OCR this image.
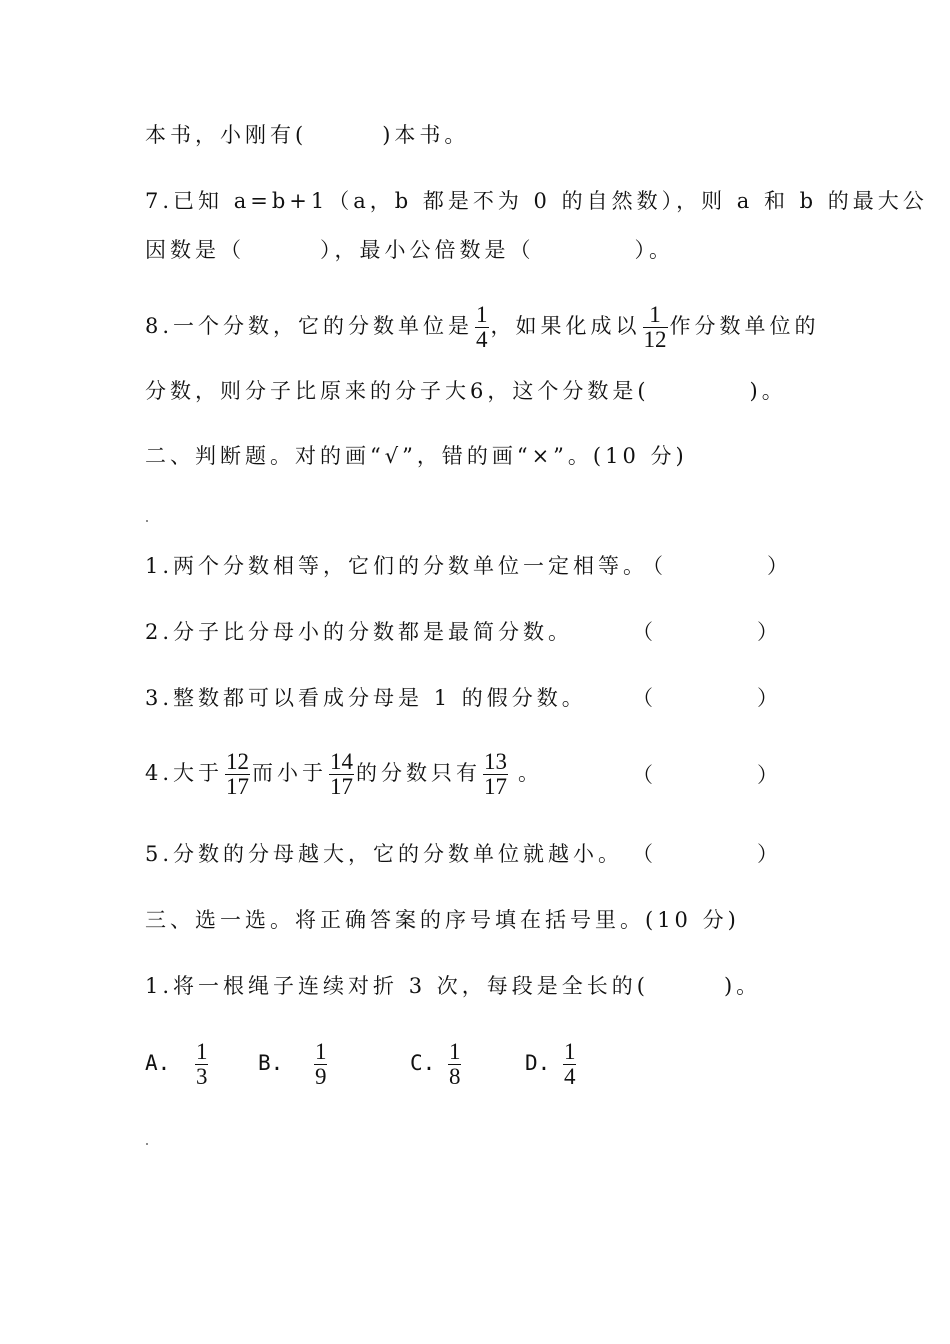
本书，小刚有(　　　)本书。
7.已知 a=b+1（a，b 都是不为 0 的自然数），则 a 和 b 的最大公
因数是（　　　），最小公倍数是（　　　　）。
8.一个分数，它的分数单位是 $\frac{1}{4}$ ，如果化成以 $\frac{1}{12}$ 作分数单位的
分数，则分子比原来的分子大6，这个分数是(　　　　)。
二、判断题。对的画“√”，错的画“×”。(10 分)
1.两个分数相等，它们的分数单位一定相等。
（　　　　）
2.分子比分母小的分数都是最简分数。	（　　　　）
3.整数都可以看成分母是 1 的假分数。 （　　　　）
4.大于 $\frac{12}{17}$ 而小于 $\frac{14}{17}$ 的分数只有 $\frac{13}{17}$ 。	（　　　　）
5.分数的分母越大，它的分数单位就越小。 （　　　　）
三、选一选。将正确答案的序号填在括号里。(10 分)
1.将一根绳子连续对折 3 次，每段是全长的(　　　)。
A. $\frac{1}{3} B$. $\frac{1}{9}$	C. $\frac{1}{8}$	D. $\frac{1}{4}$
